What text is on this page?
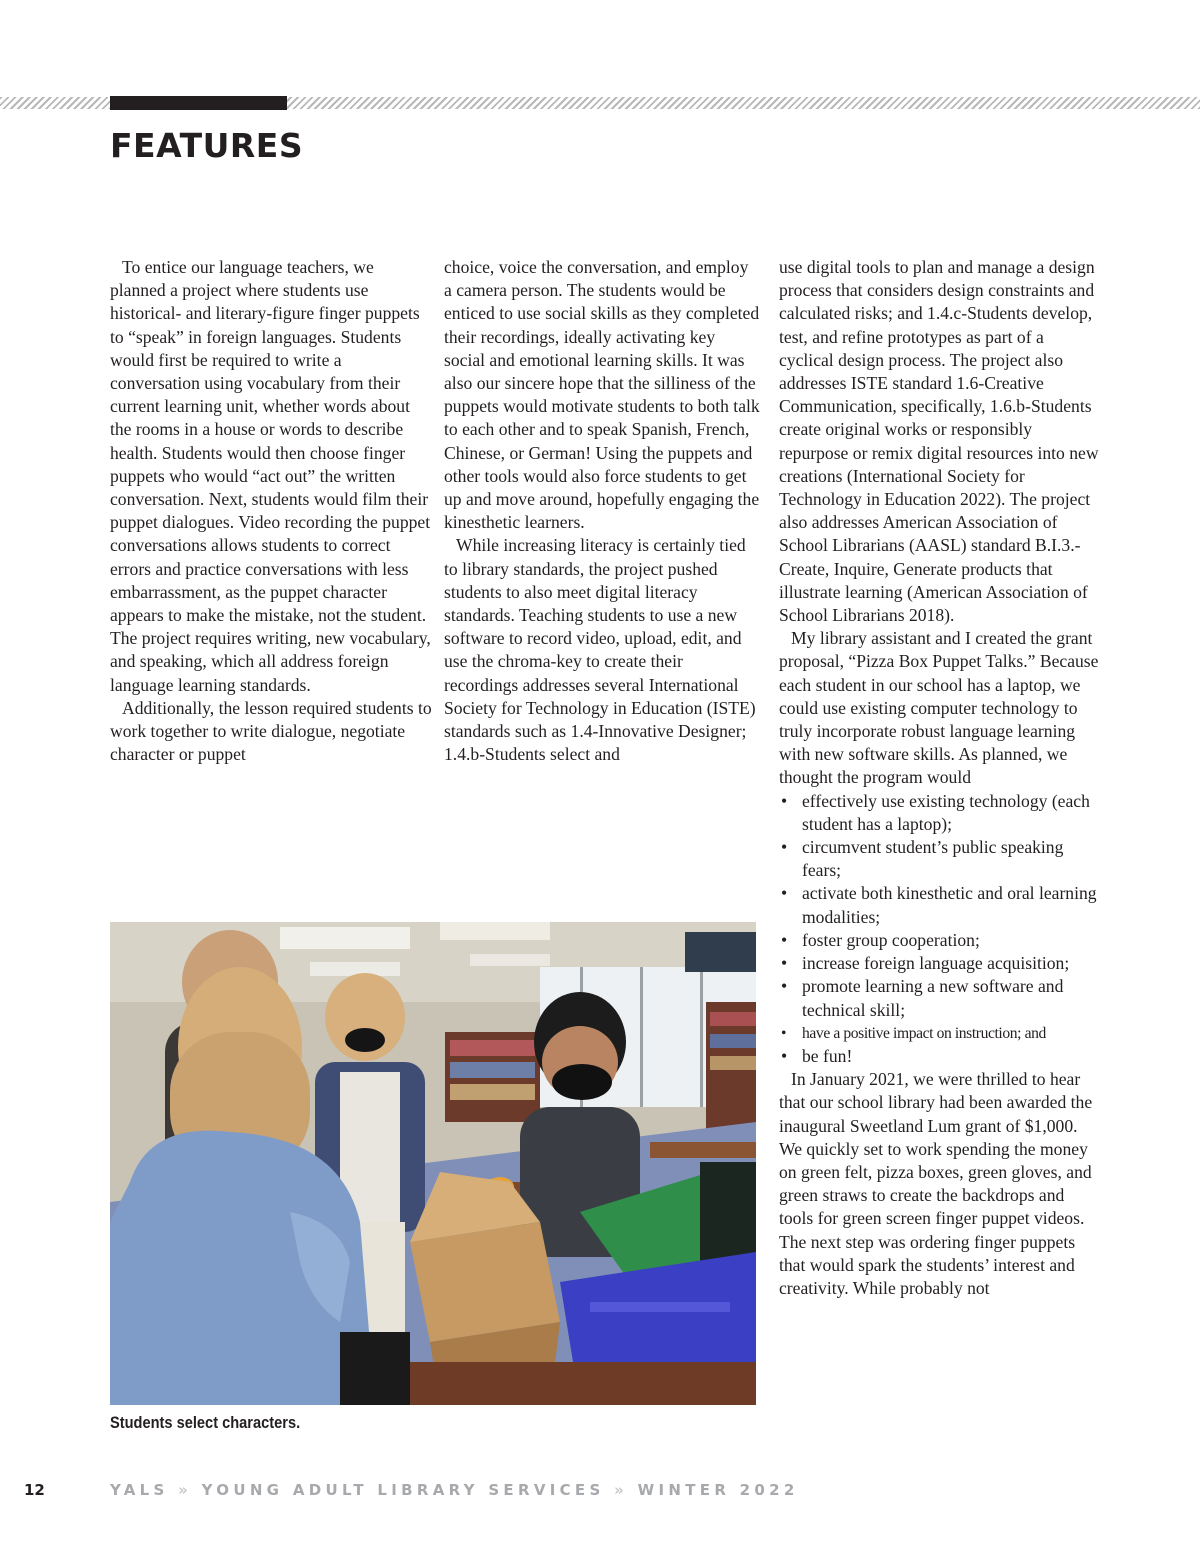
FEATURES

To entice our language teachers, we planned a project where students use historical- and literary-figure finger puppets to “speak” in foreign languages. Students would first be required to write a conversation using vocabulary from their current learning unit, whether words about the rooms in a house or words to describe health. Students would then choose finger puppets who would “act out” the written conversation. Next, students would film their puppet dialogues. Video recording the puppet conversations allows students to correct errors and practice conversations with less embarrassment, as the puppet character appears to make the mistake, not the student. The project requires writing, new vocabulary, and speaking, which all address foreign language learning standards.

Additionally, the lesson required students to work together to write dialogue, negotiate character or puppet

choice, voice the conversation, and employ a camera person. The students would be enticed to use social skills as they completed their recordings, ideally activating key social and emotional learning skills. It was also our sincere hope that the silliness of the puppets would motivate students to both talk to each other and to speak Spanish, French, Chinese, or German! Using the puppets and other tools would also force students to get up and move around, hopefully engaging the kinesthetic learners.

While increasing literacy is certainly tied to library standards, the project pushed students to also meet digital literacy standards. Teaching students to use a new software to record video, upload, edit, and use the chroma-key to create their recordings addresses several International Society for Technology in Education (ISTE) standards such as 1.4-Innovative Designer; 1.4.b-Students select and

use digital tools to plan and manage a design process that considers design constraints and calculated risks; and 1.4.c-Students develop, test, and refine prototypes as part of a cyclical design process. The project also addresses ISTE standard 1.6-Creative Communication, specifically, 1.6.b-Students create original works or responsibly repurpose or remix digital resources into new creations (International Society for Technology in Education 2022). The project also addresses American Association of School Librarians (AASL) standard B.I.3.-Create, Inquire, Generate products that illustrate learning (American Association of School Librarians 2018).

My library assistant and I created the grant proposal, “Pizza Box Puppet Talks.” Because each student in our school has a laptop, we could use existing computer technology to truly incorporate robust language learning with new software skills. As planned, we thought the program would

• effectively use existing technology (each student has a laptop);
• circumvent student’s public speaking fears;
• activate both kinesthetic and oral learning modalities;
• foster group cooperation;
• increase foreign language acquisition;
• promote learning a new software and technical skill;
• have a positive impact on instruction; and
• be fun!

In January 2021, we were thrilled to hear that our school library had been awarded the inaugural Sweetland Lum grant of $1,000. We quickly set to work spending the money on green felt, pizza boxes, green gloves, and green straws to create the backdrops and tools for green screen finger puppet videos. The next step was ordering finger puppets that would spark the students’ interest and creativity. While probably not

Students select characters.
12	YALS » YOUNG ADULT LIBRARY SERVICES » WINTER 2022
